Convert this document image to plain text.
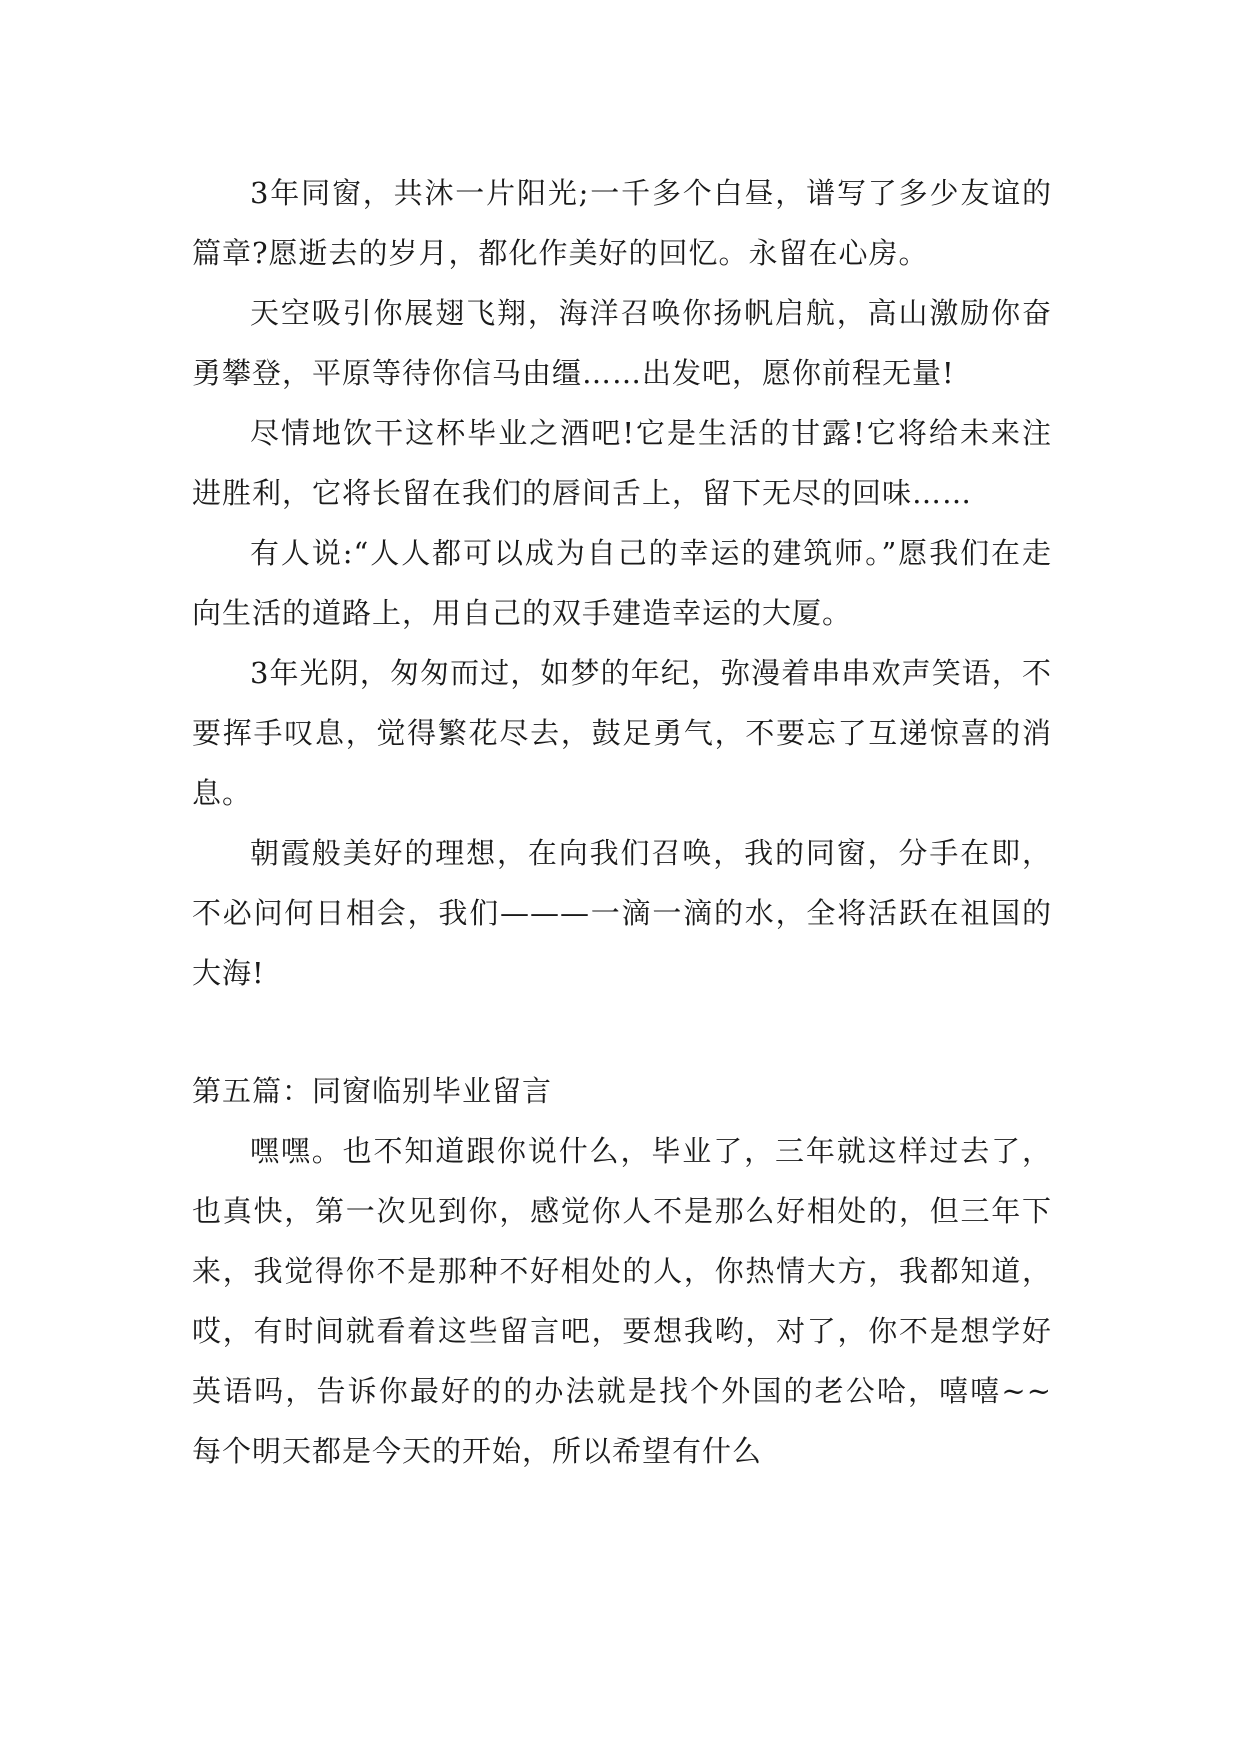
3年同窗，共沐一片阳光;一千多个白昼，谱写了多少友谊的篇章?愿逝去的岁月，都化作美好的回忆。永留在心房。

天空吸引你展翅飞翔，海洋召唤你扬帆启航，高山激励你奋勇攀登，平原等待你信马由缰……出发吧，愿你前程无量!

尽情地饮干这杯毕业之酒吧!它是生活的甘露!它将给未来注进胜利，它将长留在我们的唇间舌上，留下无尽的回味……

有人说:“人人都可以成为自己的幸运的建筑师。”愿我们在走向生活的道路上，用自己的双手建造幸运的大厦。

3年光阴，匆匆而过，如梦的年纪，弥漫着串串欢声笑语，不要挥手叹息，觉得繁花尽去，鼓足勇气，不要忘了互递惊喜的消息。

朝霞般美好的理想，在向我们召唤，我的同窗，分手在即，不必问何日相会，我们———一滴一滴的水，全将活跃在祖国的大海!

第五篇：同窗临别毕业留言

嘿嘿。也不知道跟你说什么，毕业了，三年就这样过去了，也真快，第一次见到你，感觉你人不是那么好相处的，但三年下来，我觉得你不是那种不好相处的人，你热情大方，我都知道，哎，有时间就看着这些留言吧，要想我哟，对了，你不是想学好英语吗，告诉你最好的的办法就是找个外国的老公哈，嘻嘻~~每个明天都是今天的开始，所以希望有什么
